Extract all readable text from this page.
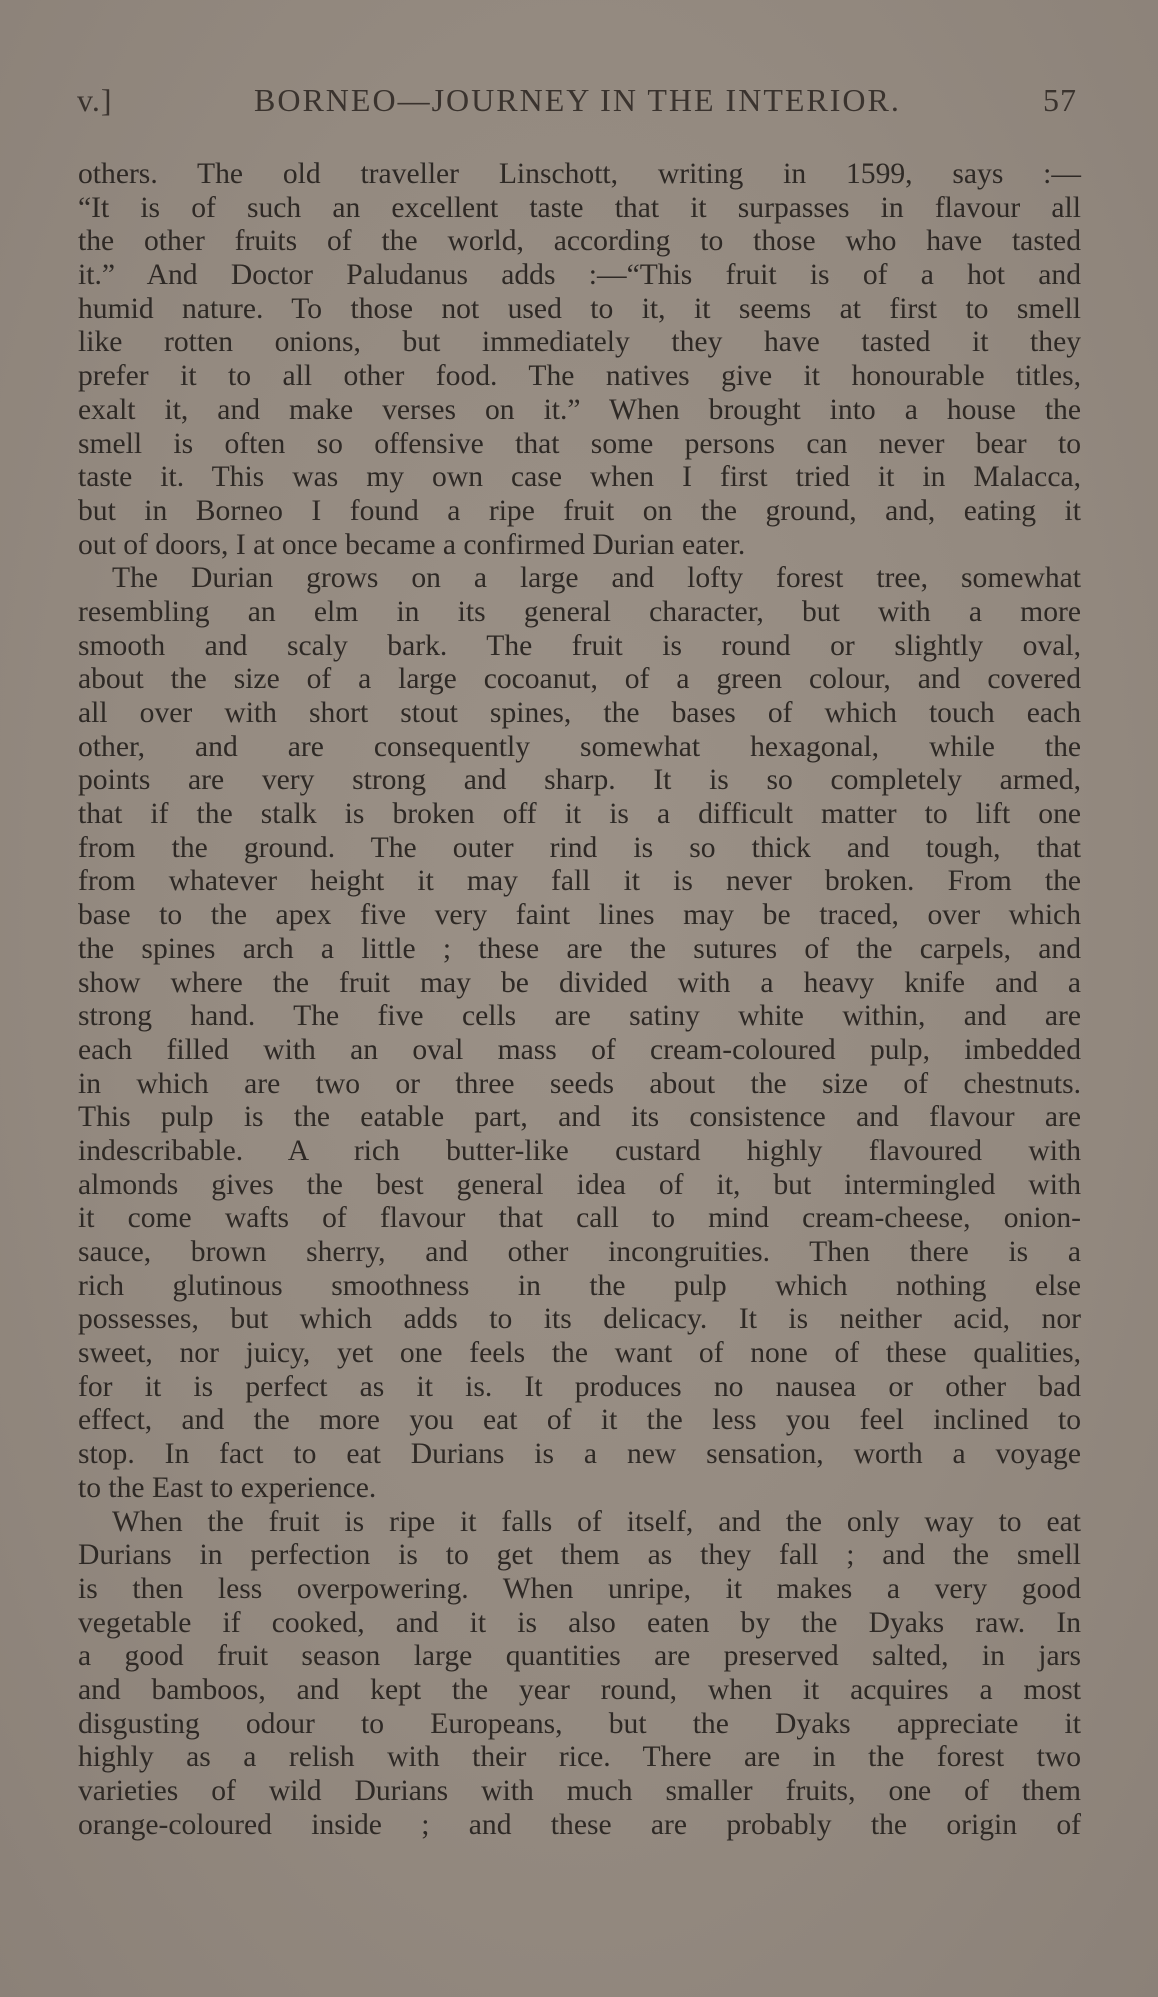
v.]	BORNEO—JOURNEY IN THE INTERIOR.	57
others. The old traveller Linschott, writing in 1599, says :—
“It is of such an excellent taste that it surpasses in flavour all
the other fruits of the world, according to those who have tasted
it.” And Doctor Paludanus adds :—“This fruit is of a hot and
humid nature. To those not used to it, it seems at first to smell
like rotten onions, but immediately they have tasted it they
prefer it to all other food. The natives give it honourable titles,
exalt it, and make verses on it.” When brought into a house the
smell is often so offensive that some persons can never bear to
taste it. This was my own case when I first tried it in Malacca,
but in Borneo I found a ripe fruit on the ground, and, eating it
out of doors, I at once became a confirmed Durian eater.
The Durian grows on a large and lofty forest tree, somewhat
resembling an elm in its general character, but with a more
smooth and scaly bark. The fruit is round or slightly oval,
about the size of a large cocoanut, of a green colour, and covered
all over with short stout spines, the bases of which touch each
other, and are consequently somewhat hexagonal, while the
points are very strong and sharp. It is so completely armed,
that if the stalk is broken off it is a difficult matter to lift one
from the ground. The outer rind is so thick and tough, that
from whatever height it may fall it is never broken. From the
base to the apex five very faint lines may be traced, over which
the spines arch a little ; these are the sutures of the carpels, and
show where the fruit may be divided with a heavy knife and a
strong hand. The five cells are satiny white within, and are
each filled with an oval mass of cream-coloured pulp, imbedded
in which are two or three seeds about the size of chestnuts.
This pulp is the eatable part, and its consistence and flavour are
indescribable. A rich butter-like custard highly flavoured with
almonds gives the best general idea of it, but intermingled with
it come wafts of flavour that call to mind cream-cheese, onion-
sauce, brown sherry, and other incongruities. Then there is a
rich glutinous smoothness in the pulp which nothing else
possesses, but which adds to its delicacy. It is neither acid, nor
sweet, nor juicy, yet one feels the want of none of these qualities,
for it is perfect as it is. It produces no nausea or other bad
effect, and the more you eat of it the less you feel inclined to
stop. In fact to eat Durians is a new sensation, worth a voyage
to the East to experience.
When the fruit is ripe it falls of itself, and the only way to eat
Durians in perfection is to get them as they fall ; and the smell
is then less overpowering. When unripe, it makes a very good
vegetable if cooked, and it is also eaten by the Dyaks raw. In
a good fruit season large quantities are preserved salted, in jars
and bamboos, and kept the year round, when it acquires a most
disgusting odour to Europeans, but the Dyaks appreciate it
highly as a relish with their rice. There are in the forest two
varieties of wild Durians with much smaller fruits, one of them
orange-coloured inside ; and these are probably the origin of
